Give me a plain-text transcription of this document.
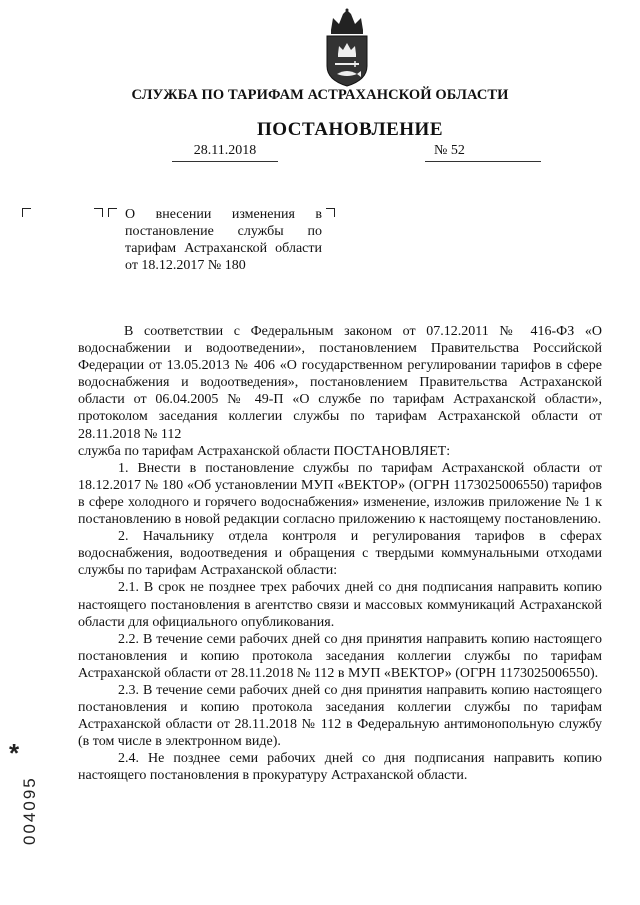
СЛУЖБА ПО ТАРИФАМ АСТРАХАНСКОЙ ОБЛАСТИ
ПОСТАНОВЛЕНИЕ
28.11.2018	№ 52
О внесении изменения в постановление службы по тарифам Астраханской области от 18.12.2017 № 180

В соответствии с Федеральным законом от 07.12.2011 № 416-ФЗ «О водоснабжении и водоотведении», постановлением Правительства Российской Федерации от 13.05.2013 № 406 «О государственном регулировании тарифов в сфере водоснабжения и водоотведения», постановлением Правительства Астраханской области от 06.04.2005 № 49-П «О службе по тарифам Астраханской области», протоколом заседания коллегии службы по тарифам Астраханской области от 28.11.2018 № 112

служба по тарифам Астраханской области ПОСТАНОВЛЯЕТ:

1. Внести в постановление службы по тарифам Астраханской области от 18.12.2017 № 180 «Об установлении МУП «ВЕКТОР» (ОГРН 1173025006550) тарифов в сфере холодного и горячего водоснабжения» изменение, изложив приложение № 1 к постановлению в новой редакции согласно приложению к настоящему постановлению.

2. Начальнику отдела контроля и регулирования тарифов в сферах водоснабжения, водоотведения и обращения с твердыми коммунальными отходами службы по тарифам Астраханской области:

2.1. В срок не позднее трех рабочих дней со дня подписания направить копию настоящего постановления в агентство связи и массовых коммуникаций Астраханской области для официального опубликования.

2.2. В течение семи рабочих дней со дня принятия направить копию настоящего постановления и копию протокола заседания коллегии службы по тарифам Астраханской области от 28.11.2018 № 112 в МУП «ВЕКТОР» (ОГРН 1173025006550).

2.3. В течение семи рабочих дней со дня принятия направить копию настоящего постановления и копию протокола заседания коллегии службы по тарифам Астраханской области от 28.11.2018 № 112 в Федеральную антимонопольную службу (в том числе в электронном виде).

2.4. Не позднее семи рабочих дней со дня подписания направить копию настоящего постановления в прокуратуру Астраханской области.

*
004095
